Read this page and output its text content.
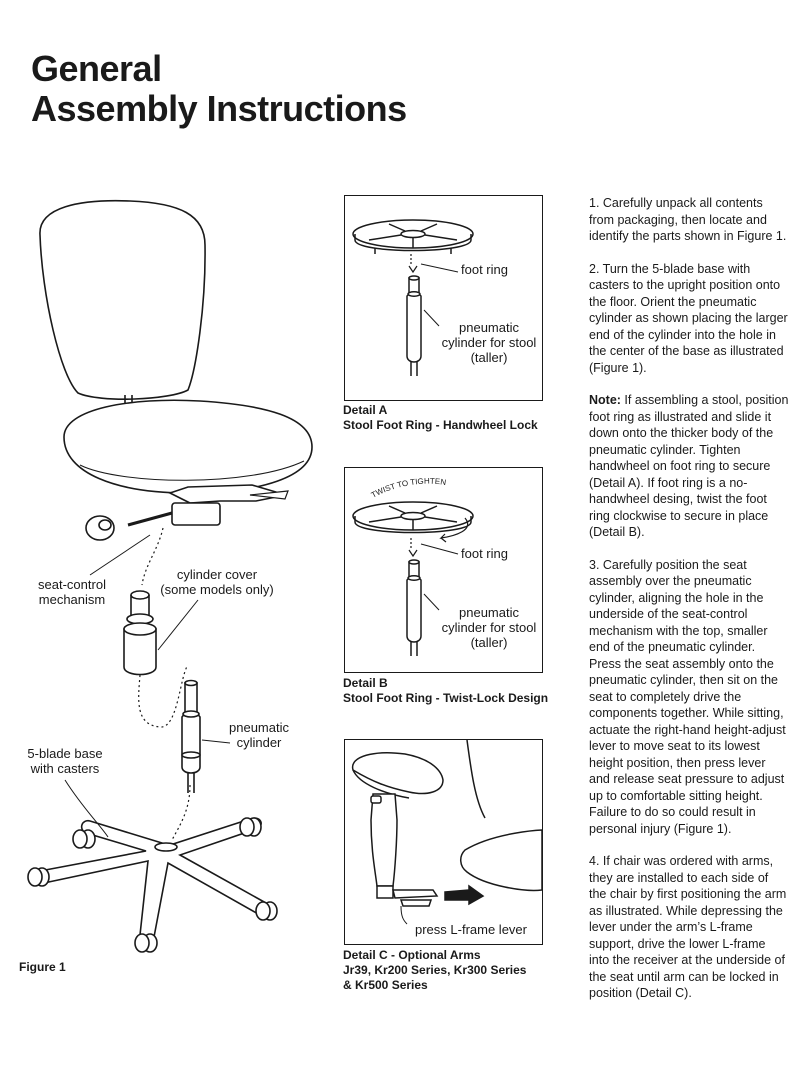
General
Assembly Instructions
seat-control mechanism
cylinder cover (some models only)
pneumatic cylinder
5-blade base with casters
Figure 1
foot ring
pneumatic cylinder for stool (taller)
Detail A
Stool Foot Ring - Handwheel Lock
TWIST TO TIGHTEN
foot ring
pneumatic cylinder for stool (taller)
Detail B
Stool Foot Ring - Twist-Lock Design
press L-frame lever
Detail C - Optional Arms
Jr39, Kr200 Series, Kr300 Series
& Kr500 Series

1. Carefully unpack all contents from packaging, then locate and identify the parts shown in Figure 1.

2. Turn the 5-blade base with casters to the upright position onto the floor. Orient the pneumatic cylinder as shown placing the larger end of the cylinder into the hole in the center of the base as illustrated (Figure 1).

Note: If assembling a stool, position foot ring as illustrated and slide it down onto the thicker body of the pneumatic cylinder. Tighten handwheel on foot ring to secure (Detail A). If foot ring is a no-handwheel desing, twist the foot ring clockwise to secure in place (Detail B).

3. Carefully position the seat assembly over the pneumatic cylinder, aligning the hole in the underside of the seat-control mechanism with the top, smaller end of the pneumatic cylinder. Press the seat assembly onto the pneumatic cylinder, then sit on the seat to completely drive the components together. While sitting, actuate the right-hand height-adjust lever to move seat to its lowest height position, then press lever and release seat pressure to adjust up to comfortable sitting height. Failure to do so could result in personal injury (Figure 1).

4. If chair was ordered with arms, they are installed to each side of the chair by first positioning the arm as illustrated. While depressing the lever under the arm’s L-frame support, drive the lower L-frame into the receiver at the underside of the seat until arm can be locked in position (Detail C).
